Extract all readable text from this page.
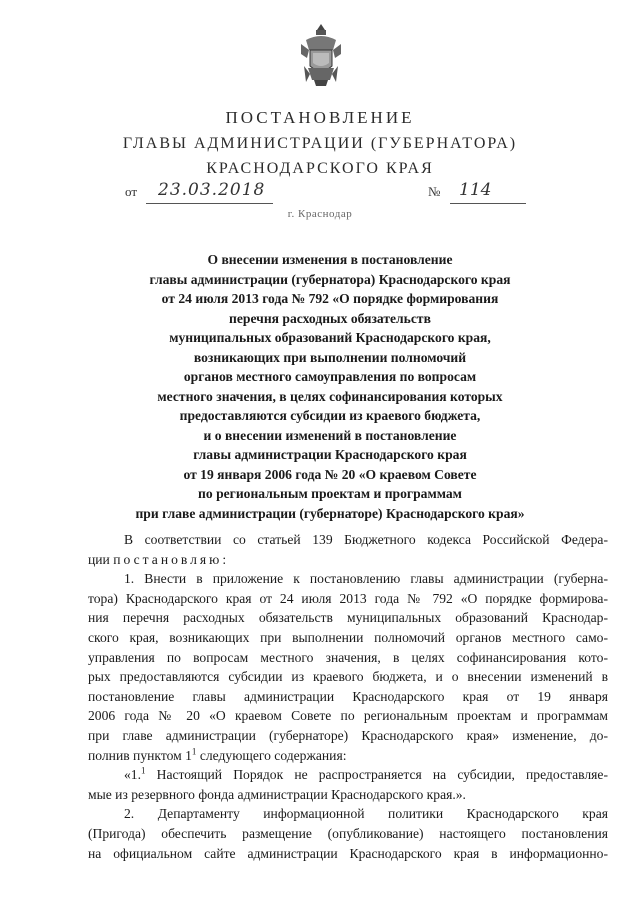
ПОСТАНОВЛЕНИЕ
ГЛАВЫ АДМИНИСТРАЦИИ (ГУБЕРНАТОРА)
КРАСНОДАРСКОГО КРАЯ
от 23.03.2018	№ 114
г. Краснодар
О внесении изменения в постановление
главы администрации (губернатора) Краснодарского края
от 24 июля 2013 года № 792 «О порядке формирования
перечня расходных обязательств
муниципальных образований Краснодарского края,
возникающих при выполнении полномочий
органов местного самоуправления по вопросам
местного значения, в целях софинансирования которых
предоставляются субсидии из краевого бюджета,
и о внесении изменений в постановление
главы администрации Краснодарского края
от 19 января 2006 года № 20 «О краевом Совете
по региональным проектам и программам
при главе администрации (губернаторе) Краснодарского края»
В соответствии со статьей 139 Бюджетного кодекса Российской Федера-
ции постановляю:
1. Внести в приложение к постановлению главы администрации (губерна-
тора) Краснодарского края от 24 июля 2013 года № 792 «О порядке формирова-
ния перечня расходных обязательств муниципальных образований Краснодар-
ского края, возникающих при выполнении полномочий органов местного само-
управления по вопросам местного значения, в целях софинансирования кото-
рых предоставляются субсидии из краевого бюджета, и о внесении изменений в
постановление главы администрации Краснодарского края от 19 января
2006 года № 20 «О краевом Совете по региональным проектам и программам
при главе администрации (губернаторе) Краснодарского края» изменение, до-
полнив пунктом $1^1$ следующего содержания:
«1.$^1$ Настоящий Порядок не распространяется на субсидии, предоставляе-
мые из резервного фонда администрации Краснодарского края.».
2. Департаменту информационной политики Краснодарского края
(Пригода) обеспечить размещение (опубликование) настоящего постановления
на официальном сайте администрации Краснодарского края в информационно-
